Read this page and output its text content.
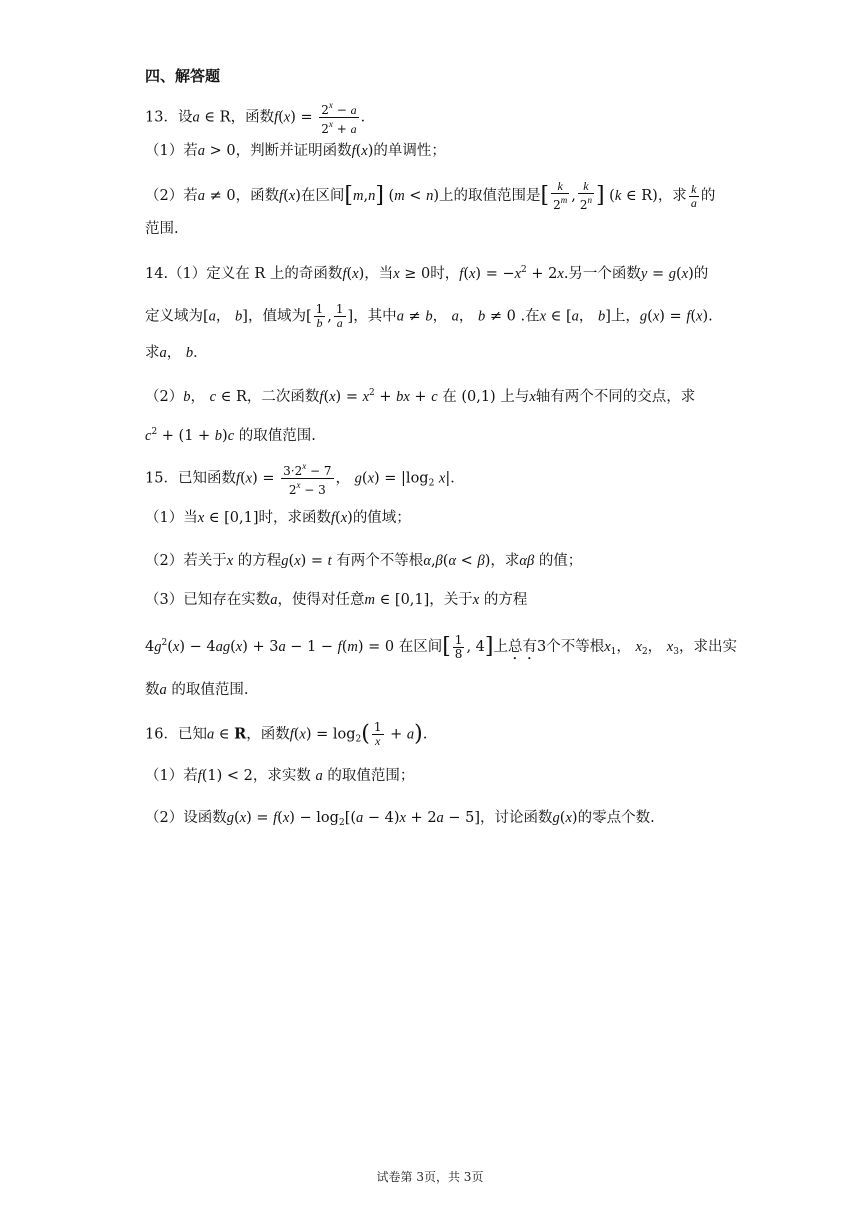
四、解答题
13．设a ∈ R，函数$f(x) = \frac{2^x - a}{2^x + a}$ ．
（1）若a > 0，判断并证明函数f(x)的单调性；
（2）若a ≠ 0，函数f(x)在区间[m,n] (m < n)上的取值范围是[ $\frac{k}{2^m}$ , $\frac{k}{2^n}$ ] (k ∈ R)，求 $\frac{k}{a}$ 的
范围.
14.（1）定义在 R 上的奇函数f(x)，当x ≥ 0时，$f(x) = -x^2 + 2x$.另一个函数y = g(x)的
定义域为[a， b]，值域为[ $\frac{1}{b}$ , $\frac{1}{a}$ ]，其中a ≠ b， a， b ≠ 0 .在x ∈ [a， b]上，g(x) = f(x).
求a， b．
（2）b， c ∈ R，二次函数$f(x) = x^2$ + bx + c 在 (0,1) 上与x轴有两个不同的交点，求
$c^2 + (1 + b)c$ 的取值范围.
15．已知函数$f(x) = \frac{3\cdot 2^x - 7}{2^x - 3}$ ， $g(x) = |\log_2$ x|．
（1）当x ∈ [0,1]时，求函数f(x)的值域；
（2）若关于x 的方程g(x) = t 有两个不等根α,β(α < β)，求αβ 的值；
（3）已知存在实数a，使得对任意m ∈ [0,1]，关于x 的方程
$4g^2(x) - 4ag(x) + 3a - 1 - f(m) = 0$ 在区间[ $\frac{1}{8}$ , 4]上总有3个不等根$x_1$， $x_2$， $x_3$，求出实
数a 的取值范围.
16．已知a ∈ R，函数$f(x) = \log_2( \frac{1}{x} + a)$.
（1）若f(1) < 2，求实数 a 的取值范围；
（2）设函数$g(x) = f(x) - \log_2[(a - 4)x + 2a - 5]$，讨论函数g(x)的零点个数.
试卷第 3页，共 3页
